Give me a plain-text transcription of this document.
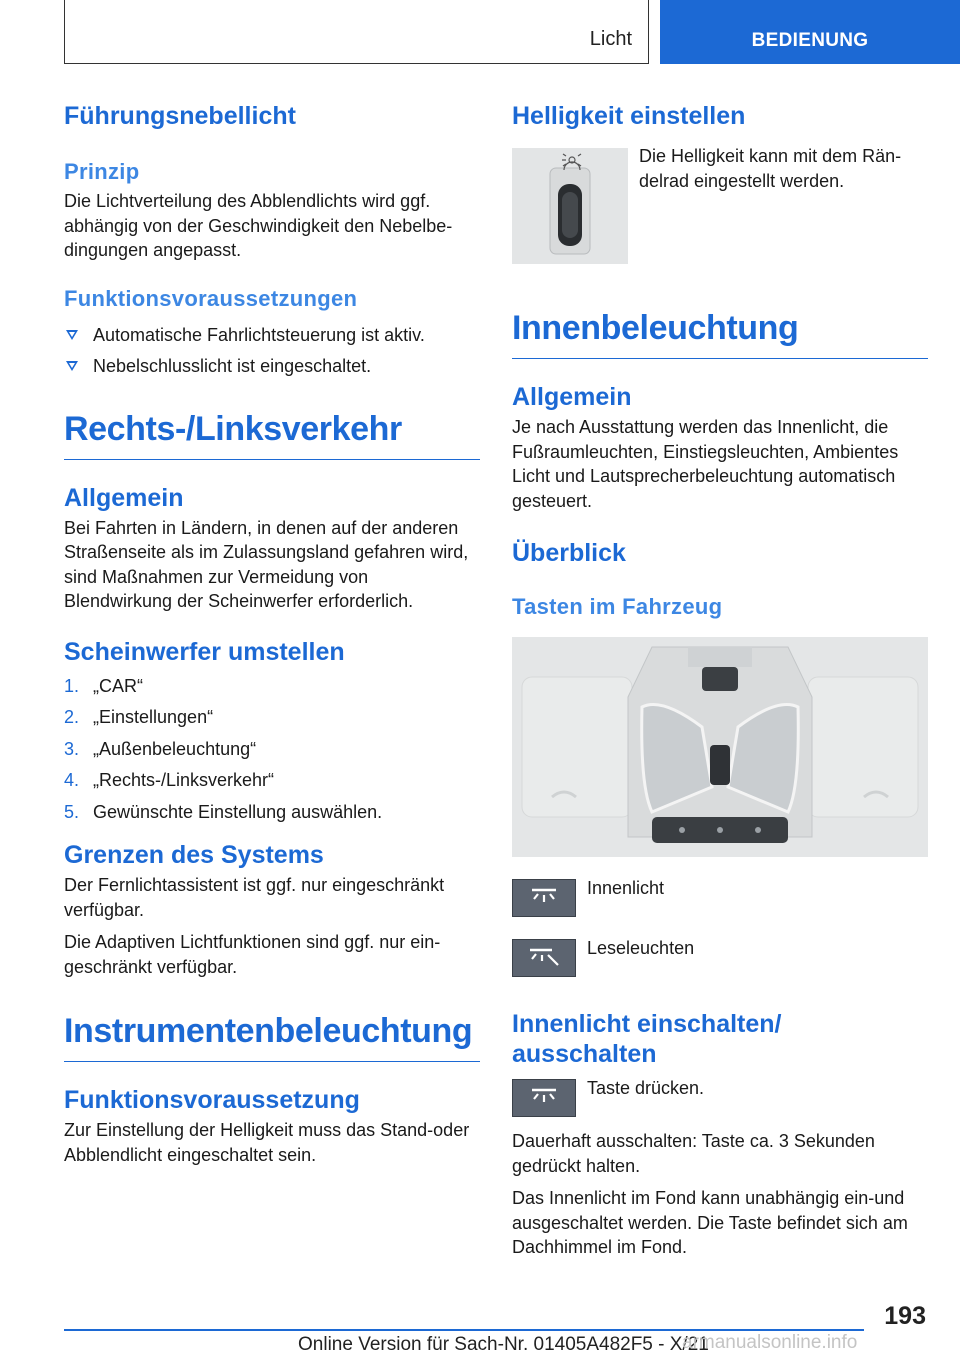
Licht	BEDIENUNG
Führungsnebellicht
Prinzip

Die Lichtverteilung des Abblendlichts wird ggf. abhängig von der Geschwindigkeit den Nebelbe‐dingungen angepasst.

Funktionsvoraussetzungen
Automatische Fahrlichtsteuerung ist aktiv.
Nebelschlusslicht ist eingeschaltet.
Rechts-/Linksverkehr
Allgemein

Bei Fahrten in Ländern, in denen auf der anderen Straßenseite als im Zulassungsland gefahren wird, sind Maßnahmen zur Vermeidung von Blendwirkung der Scheinwerfer erforderlich.

Scheinwerfer umstellen
1. „CAR“
2. „Einstellungen“
3. „Außenbeleuchtung“
4. „Rechts-/Linksverkehr“
5. Gewünschte Einstellung auswählen.
Grenzen des Systems

Der Fernlichtassistent ist ggf. nur eingeschränkt verfügbar.

Die Adaptiven Lichtfunktionen sind ggf. nur ein‐geschränkt verfügbar.

Instrumentenbeleuchtung
Funktionsvoraussetzung

Zur Einstellung der Helligkeit muss das Stand‐oder Abblendlicht eingeschaltet sein.

Helligkeit einstellen

Die Helligkeit kann mit dem Rän‐delrad eingestellt werden.

Innenbeleuchtung
Allgemein

Je nach Ausstattung werden das Innenlicht, die Fußraumleuchten, Einstiegsleuchten, Ambientes Licht und Lautsprecherbeleuchtung automatisch gesteuert.

Überblick
Tasten im Fahrzeug

Innenlicht

Leseleuchten

Innenlicht einschalten/ ausschalten

Taste drücken.

Dauerhaft ausschalten: Taste ca. 3 Sekunden gedrückt halten.

Das Innenlicht im Fond kann unabhängig ein‐und ausgeschaltet werden. Die Taste befindet sich am Dachhimmel im Fond.

193
Online Version für Sach-Nr. 01405A482F5 - X/21
armanualsonline.info
